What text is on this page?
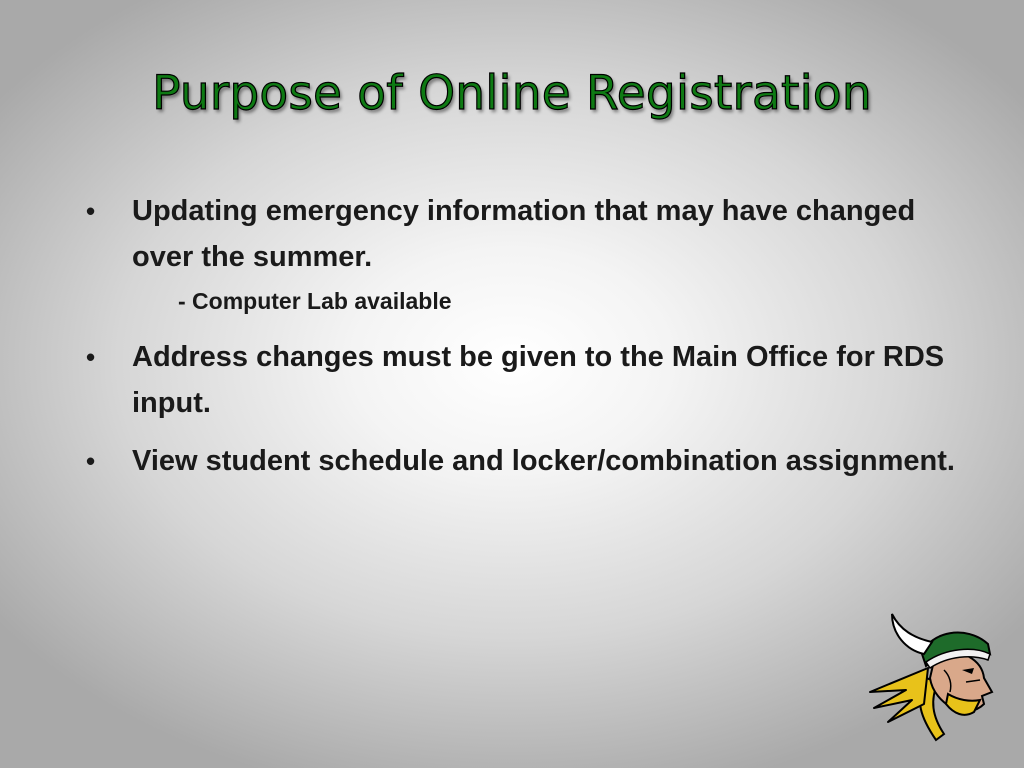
Purpose of Online Registration
• Updating emergency information that may have changed over the summer.
- Computer Lab available
• Address changes must be given to the Main Office for RDS input.
• View student schedule and locker/combination assignment.
